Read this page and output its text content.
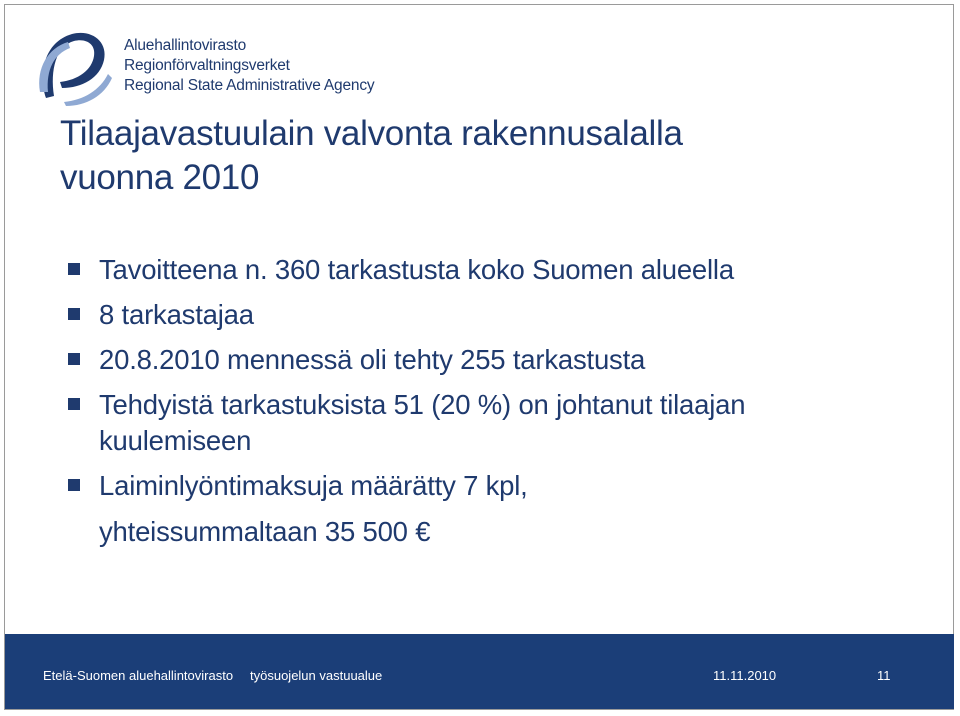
Aluehallintovirasto
Regionförvaltningsverket
Regional State Administrative Agency
Tilaajavastuulain valvonta rakennusalalla
vuonna 2010
Tavoitteena n. 360 tarkastusta koko Suomen alueella
8 tarkastajaa
20.8.2010 mennessä oli tehty 255 tarkastusta
Tehdyistä tarkastuksista 51 (20 %) on johtanut tilaajan
kuulemiseen
Laiminlyöntimaksuja määrätty 7 kpl,
yhteissummaltaan 35 500 €
Etelä-Suomen aluehallintovirasto työsuojelun vastuualue	11.11.2010	11
